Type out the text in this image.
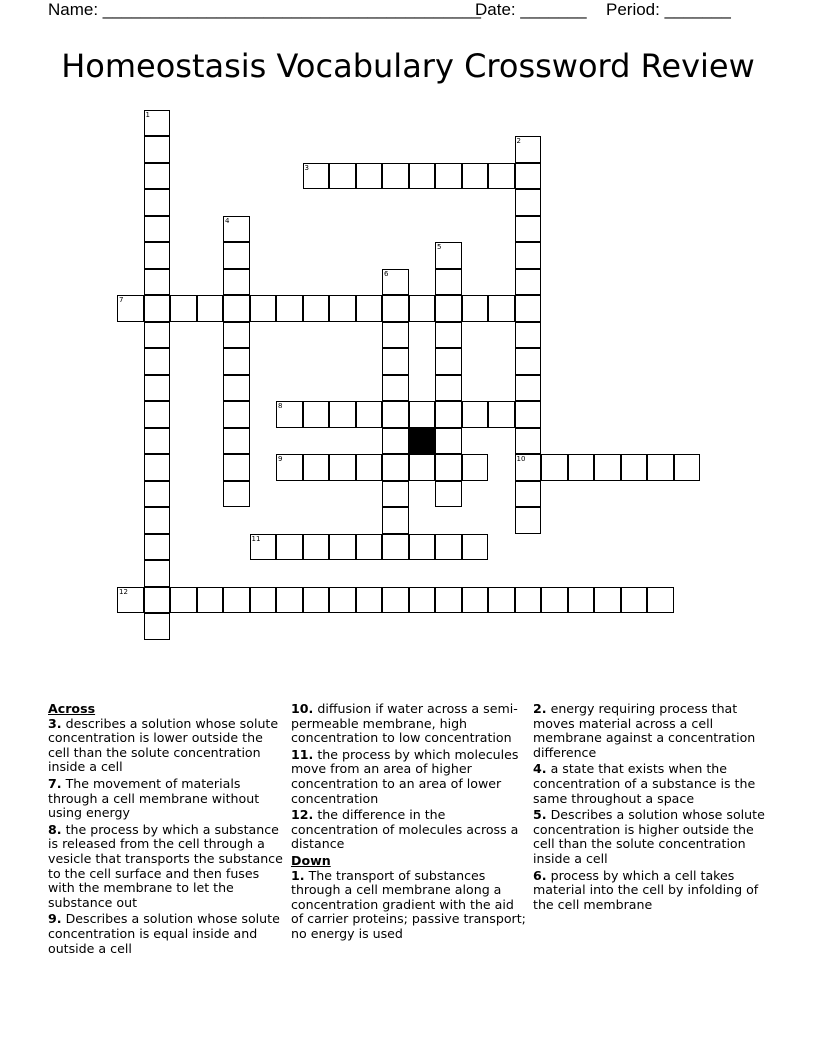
Name: ________________________________________
Date: _______ Period: _______
Homeostasis Vocabulary Crossword Review
1
2
10
3
4
5
6
7
8
9
11
12
Across
3. describes a solution whose solute concentration is lower outside the cell than the solute concentration inside a cell
7. The movement of materials through a cell membrane without using energy
8. the process by which a substance is released from the cell through a vesicle that transports the substance to the cell surface and then fuses with the membrane to let the substance out
9. Describes a solution whose solute concentration is equal inside and outside a cell
10. diffusion if water across a semi-permeable membrane, high concentration to low concentration
11. the process by which molecules move from an area of higher concentration to an area of lower concentration
12. the difference in the concentration of molecules across a distance
Down
1. The transport of substances through a cell membrane along a concentration gradient with the aid of carrier proteins; passive transport; no energy is used
2. energy requiring process that moves material across a cell membrane against a concentration difference
4. a state that exists when the concentration of a substance is the same throughout a space
5. Describes a solution whose solute concentration is higher outside the cell than the solute concentration inside a cell
6. process by which a cell takes material into the cell by infolding of the cell membrane
